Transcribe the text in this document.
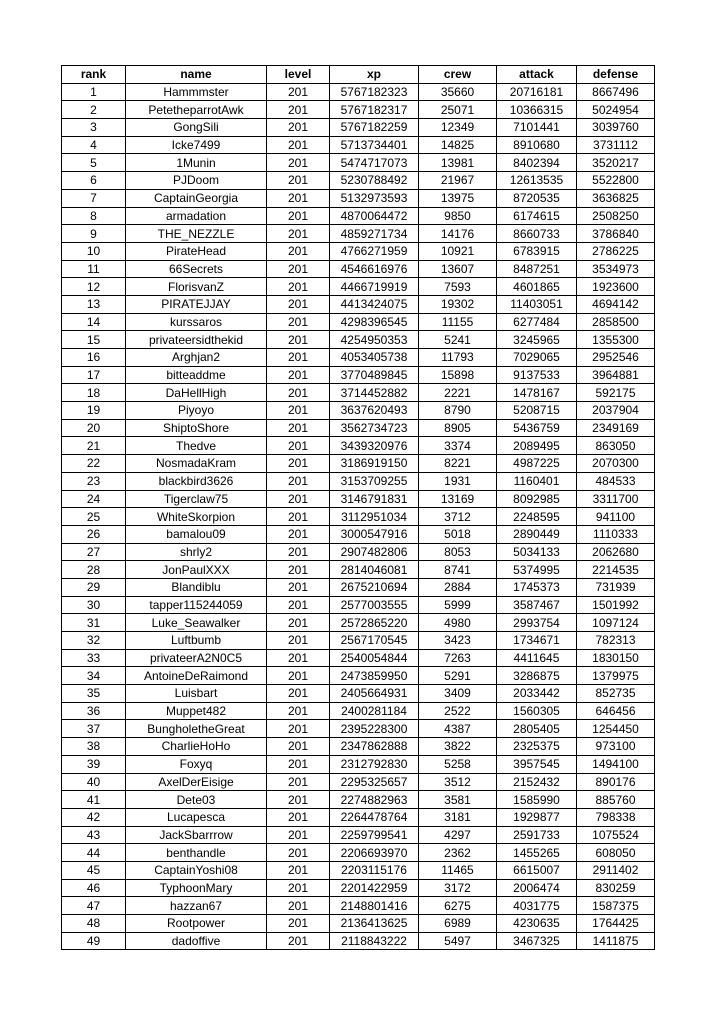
rank	name	level	xp	crew	attack	defense
1	Hammmster	201	5767182323	35660	20716181	8667496
2	PetetheparrotAwk	201	5767182317	25071	10366315	5024954
3	GongSili	201	5767182259	12349	7101441	3039760
4	Icke7499	201	5713734401	14825	8910680	3731112
5	1Munin	201	5474717073	13981	8402394	3520217
6	PJDoom	201	5230788492	21967	12613535	5522800
7	CaptainGeorgia	201	5132973593	13975	8720535	3636825
8	armadation	201	4870064472	9850	6174615	2508250
9	THE_NEZZLE	201	4859271734	14176	8660733	3786840
10	PirateHead	201	4766271959	10921	6783915	2786225
11	66Secrets	201	4546616976	13607	8487251	3534973
12	FlorisvanZ	201	4466719919	7593	4601865	1923600
13	PIRATEJJAY	201	4413424075	19302	11403051	4694142
14	kurssaros	201	4298396545	11155	6277484	2858500
15	privateersidthekid	201	4254950353	5241	3245965	1355300
16	Arghjan2	201	4053405738	11793	7029065	2952546
17	bitteaddme	201	3770489845	15898	9137533	3964881
18	DaHellHigh	201	3714452882	2221	1478167	592175
19	Piyoyo	201	3637620493	8790	5208715	2037904
20	ShiptoShore	201	3562734723	8905	5436759	2349169
21	Thedve	201	3439320976	3374	2089495	863050
22	NosmadaKram	201	3186919150	8221	4987225	2070300
23	blackbird3626	201	3153709255	1931	1160401	484533
24	Tigerclaw75	201	3146791831	13169	8092985	3311700
25	WhiteSkorpion	201	3112951034	3712	2248595	941100
26	bamalou09	201	3000547916	5018	2890449	1110333
27	shrly2	201	2907482806	8053	5034133	2062680
28	JonPaulXXX	201	2814046081	8741	5374995	2214535
29	Blandiblu	201	2675210694	2884	1745373	731939
30	tapper115244059	201	2577003555	5999	3587467	1501992
31	Luke_Seawalker	201	2572865220	4980	2993754	1097124
32	Luftbumb	201	2567170545	3423	1734671	782313
33	privateerA2N0C5	201	2540054844	7263	4411645	1830150
34	AntoineDeRaimond	201	2473859950	5291	3286875	1379975
35	Luisbart	201	2405664931	3409	2033442	852735
36	Muppet482	201	2400281184	2522	1560305	646456
37	BungholetheGreat	201	2395228300	4387	2805405	1254450
38	CharlieHoHo	201	2347862888	3822	2325375	973100
39	Foxyq	201	2312792830	5258	3957545	1494100
40	AxelDerEisige	201	2295325657	3512	2152432	890176
41	Dete03	201	2274882963	3581	1585990	885760
42	Lucapesca	201	2264478764	3181	1929877	798338
43	JackSbarrrow	201	2259799541	4297	2591733	1075524
44	benthandle	201	2206693970	2362	1455265	608050
45	CaptainYoshi08	201	2203115176	11465	6615007	2911402
46	TyphoonMary	201	2201422959	3172	2006474	830259
47	hazzan67	201	2148801416	6275	4031775	1587375
48	Rootpower	201	2136413625	6989	4230635	1764425
49	dadoffive	201	2118843222	5497	3467325	1411875
